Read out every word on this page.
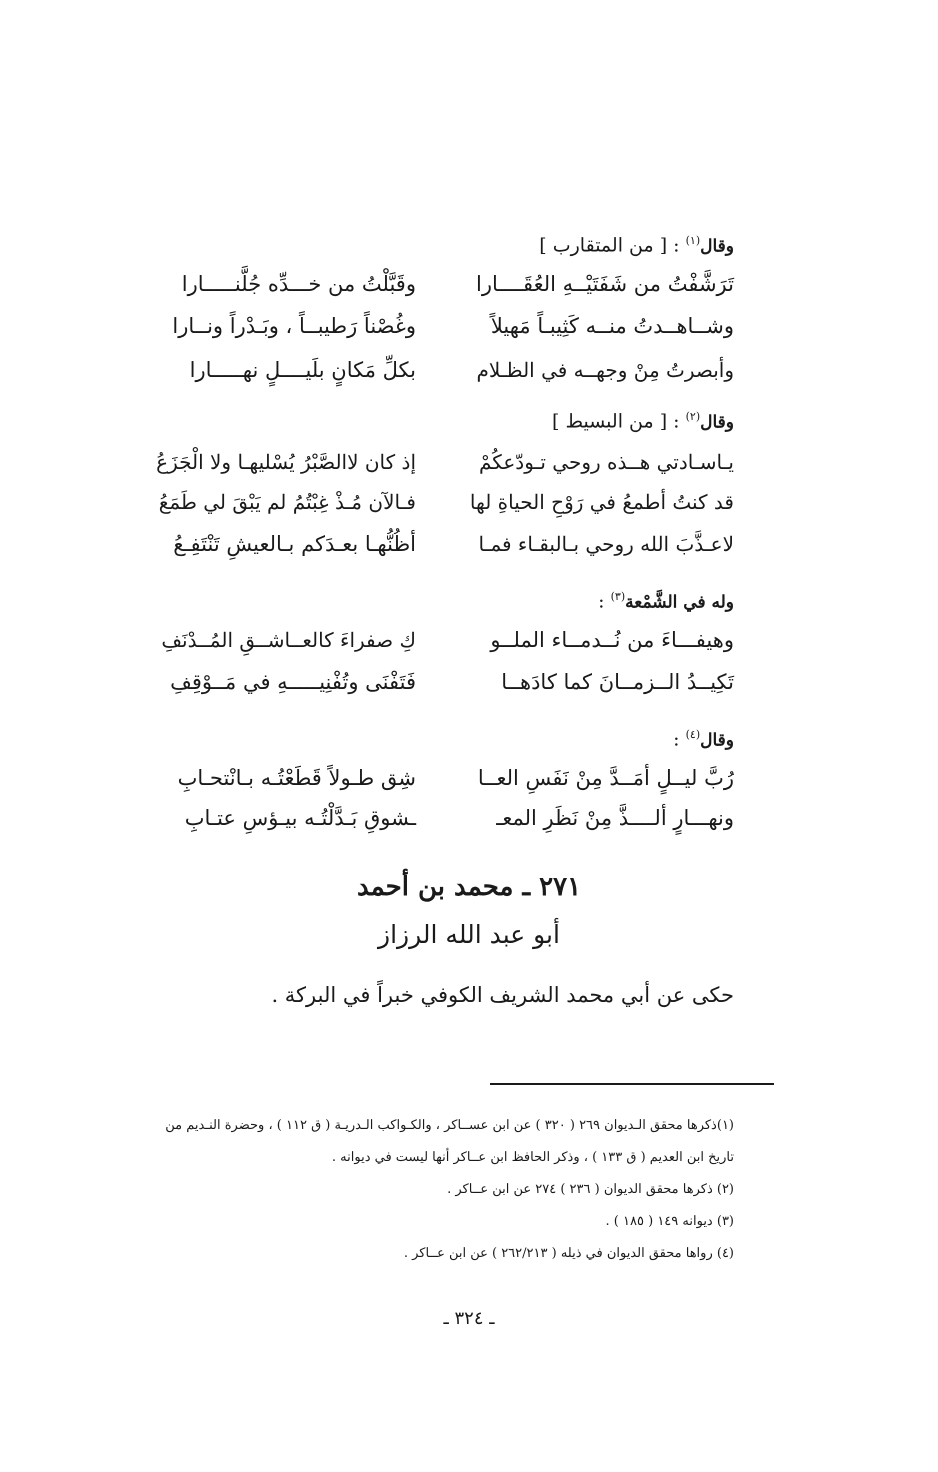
وقال$^{(١)}$ : [ من المتقارب ]
تَرَشَّفْتُ من شَفَتَيْــهِ العُقَــــارا
وقَبَّلْتُ من خـــدِّه جُلَّنـــــارا
وشــاهــدتُ منــه كَثِيبـاً مَهيلاً
وغُصْناً رَطيبــاً ، وبَـدْراً ونــارا
وأبصرتُ مِنْ وجهــه في الظـلام
بكلِّ مَكانٍ بلَيــــلٍ نهـــــارا
وقال$^{(٢)}$ : [ من البسيط ]
يـاسـادتي هــذه روحي تـودّعكُمْ
إذ كان لاالصَّبْرُ يُسْليهـا ولا الْجَزَعُ
قد كنتُ أطمعُ في رَوْحِ الحياةِ لها
فـالآن مُـذْ غِبْتُمُ لم يَبْقَ لي طَمَعُ
لاعـذَّبَ الله روحي بـالبقـاء فمـا
أظُنُّهـا بعـدَكم بـالعيشِ تَنْتَفِـعُ
وله في الشَّمْعة$^{(٣)}$ :
وهيفـــاءَ من نُــدمــاء الملــو
كِ صفراءَ كالعــاشــقِ المُــدْنَفِ
تَكِيــدُ الــزمــانَ كما كادَهــا
فَتَفْنَى وتُفْنِيـــــهِ في مَــوْقِفِ
وقال$^{(٤)}$ :
رُبَّ ليــلٍ أمَــدَّ مِنْ نَفَسِ العــا
شِق طـولاً قَطَعْتُـه بـانْتحـابِ
ونهـــارٍ ألــــذَّ مِنْ نَظَرِ المعـ
ـشوقِ بَـدَّلْتُـه بيـؤسِ عتـابِ
٢٧١ ـ محمد بن أحمد
أبو عبد الله الرزاز
حكى عن أبي محمد الشريف الكوفي خبراً في البركة .
(١)ذكرها محقق الـديوان ٢٦٩ ( ٣٢٠ ) عن ابن عســاكر ، والكـواكب الـدريـة ( ق ١١٢ ) ، وحضرة النـديم من
تاريخ ابن العديم ( ق ١٣٣ ) ، وذكر الحافظ ابن عــاكر أنها ليست في ديوانه .
(٢) ذكرها محقق الديوان ( ٢٣٦ ) ٢٧٤ عن ابن عــاكر .
(٣) ديوانه ١٤٩ ( ١٨٥ ) .
(٤) رواها محقق الديوان في ذيله ( ٢٦٢/٢١٣ ) عن ابن عــاكر .
ـ ٣٢٤ ـ
